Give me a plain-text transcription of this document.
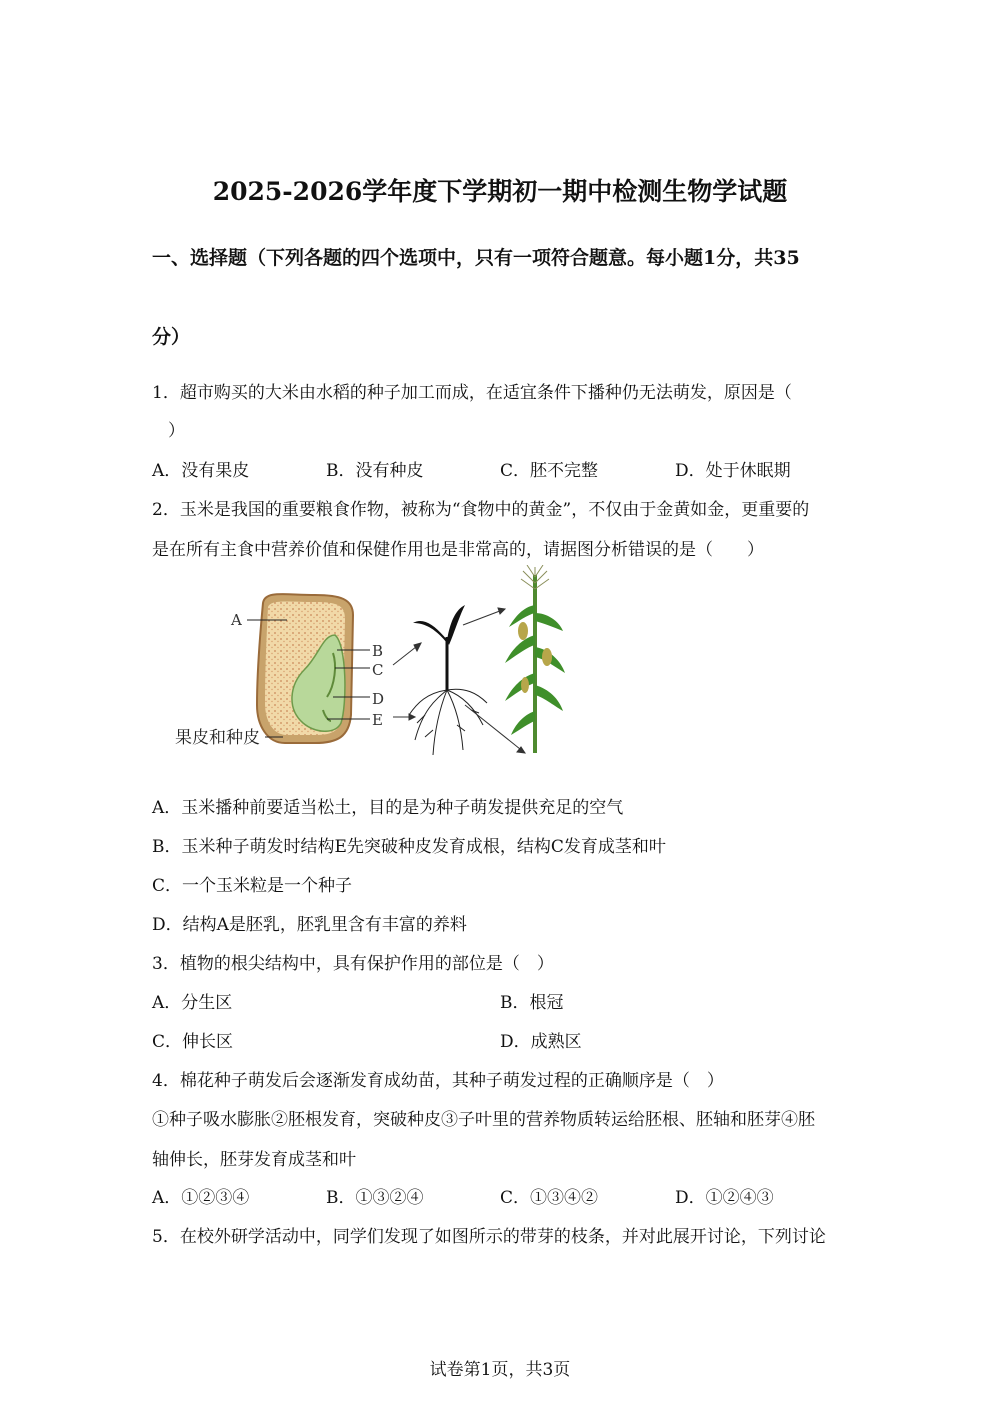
2025-2026学年度下学期初一期中检测生物学试题
一、选择题（下列各题的四个选项中，只有一项符合题意。每小题1分，共35
分）
1．超市购买的大米由水稻的种子加工而成，在适宜条件下播种仍无法萌发，原因是（
）
A．没有果皮	B．没有种皮	C．胚不完整	D．处于休眠期
2．玉米是我国的重要粮食作物，被称为“食物中的黄金”，不仅由于金黄如金，更重要的
是在所有主食中营养价值和保健作用也是非常高的，请据图分析错误的是（　　）
A
B
C
D
E
果皮和种皮
A．玉米播种前要适当松土，目的是为种子萌发提供充足的空气
B．玉米种子萌发时结构E先突破种皮发育成根，结构C发育成茎和叶
C．一个玉米粒是一个种子
D．结构A是胚乳，胚乳里含有丰富的养料
3．植物的根尖结构中，具有保护作用的部位是（　）
A．分生区	B．根冠
C．伸长区	D．成熟区
4．棉花种子萌发后会逐渐发育成幼苗，其种子萌发过程的正确顺序是（　）
①种子吸水膨胀②胚根发育，突破种皮③子叶里的营养物质转运给胚根、胚轴和胚芽④胚
轴伸长，胚芽发育成茎和叶
A．①②③④	B．①③②④	C．①③④②	D．①②④③
5．在校外研学活动中，同学们发现了如图所示的带芽的枝条，并对此展开讨论，下列讨论
试卷第1页，共3页
